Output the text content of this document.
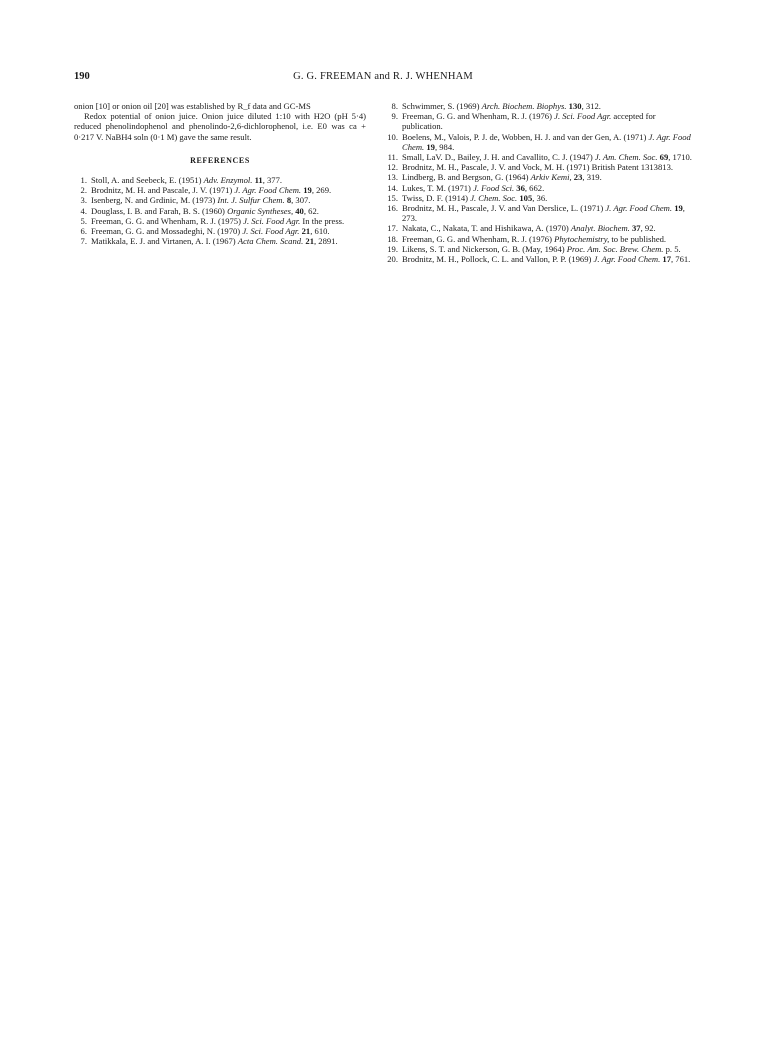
190	G. G. FREEMAN and R. J. WHENHAM
onion [10] or onion oil [20] was established by R_f data and GC-MS
Redox potential of onion juice. Onion juice diluted 1:10 with H2O (pH 5·4) reduced phenolindophenol and phenolindo-2,6-dichlorophenol, i.e. E0 was ca + 0·217 V. NaBH4 soln (0·1 M) gave the same result.
REFERENCES
1. Stoll, A. and Seebeck, E. (1951) Adv. Enzymol. 11, 377.
2. Brodnitz, M. H. and Pascale, J. V. (1971) J. Agr. Food Chem. 19, 269.
3. Isenberg, N. and Grdinic, M. (1973) Int. J. Sulfur Chem. 8, 307.
4. Douglass, I. B. and Farah, B. S. (1960) Organic Syntheses, 40, 62.
5. Freeman, G. G. and Whenham, R. J. (1975) J. Sci. Food Agr. In the press.
6. Freeman, G. G. and Mossadeghi, N. (1970) J. Sci. Food Agr. 21, 610.
7. Matikkala, E. J. and Virtanen, A. I. (1967) Acta Chem. Scand. 21, 2891.
8. Schwimmer, S. (1969) Arch. Biochem. Biophys. 130, 312.
9. Freeman, G. G. and Whenham, R. J. (1976) J. Sci. Food Agr. accepted for publication.
10. Boelens, M., Valois, P. J. de, Wobben, H. J. and van der Gen, A. (1971) J. Agr. Food Chem. 19, 984.
11. Small, LaV. D., Bailey, J. H. and Cavallito, C. J. (1947) J. Am. Chem. Soc. 69, 1710.
12. Brodnitz, M. H., Pascale, J. V. and Vock, M. H. (1971) British Patent 1313813.
13. Lindberg, B. and Bergson, G. (1964) Arkiv Kemi, 23, 319.
14. Lukes, T. M. (1971) J. Food Sci. 36, 662.
15. Twiss, D. F. (1914) J. Chem. Soc. 105, 36.
16. Brodnitz, M. H., Pascale, J. V. and Van Derslice, L. (1971) J. Agr. Food Chem. 19, 273.
17. Nakata, C., Nakata, T. and Hishikawa, A. (1970) Analyt. Biochem. 37, 92.
18. Freeman, G. G. and Whenham, R. J. (1976) Phytochemistry, to be published.
19. Likens, S. T. and Nickerson, G. B. (May, 1964) Proc. Am. Soc. Brew. Chem. p. 5.
20. Brodnitz, M. H., Pollock, C. L. and Vallon, P. P. (1969) J. Agr. Food Chem. 17, 761.
